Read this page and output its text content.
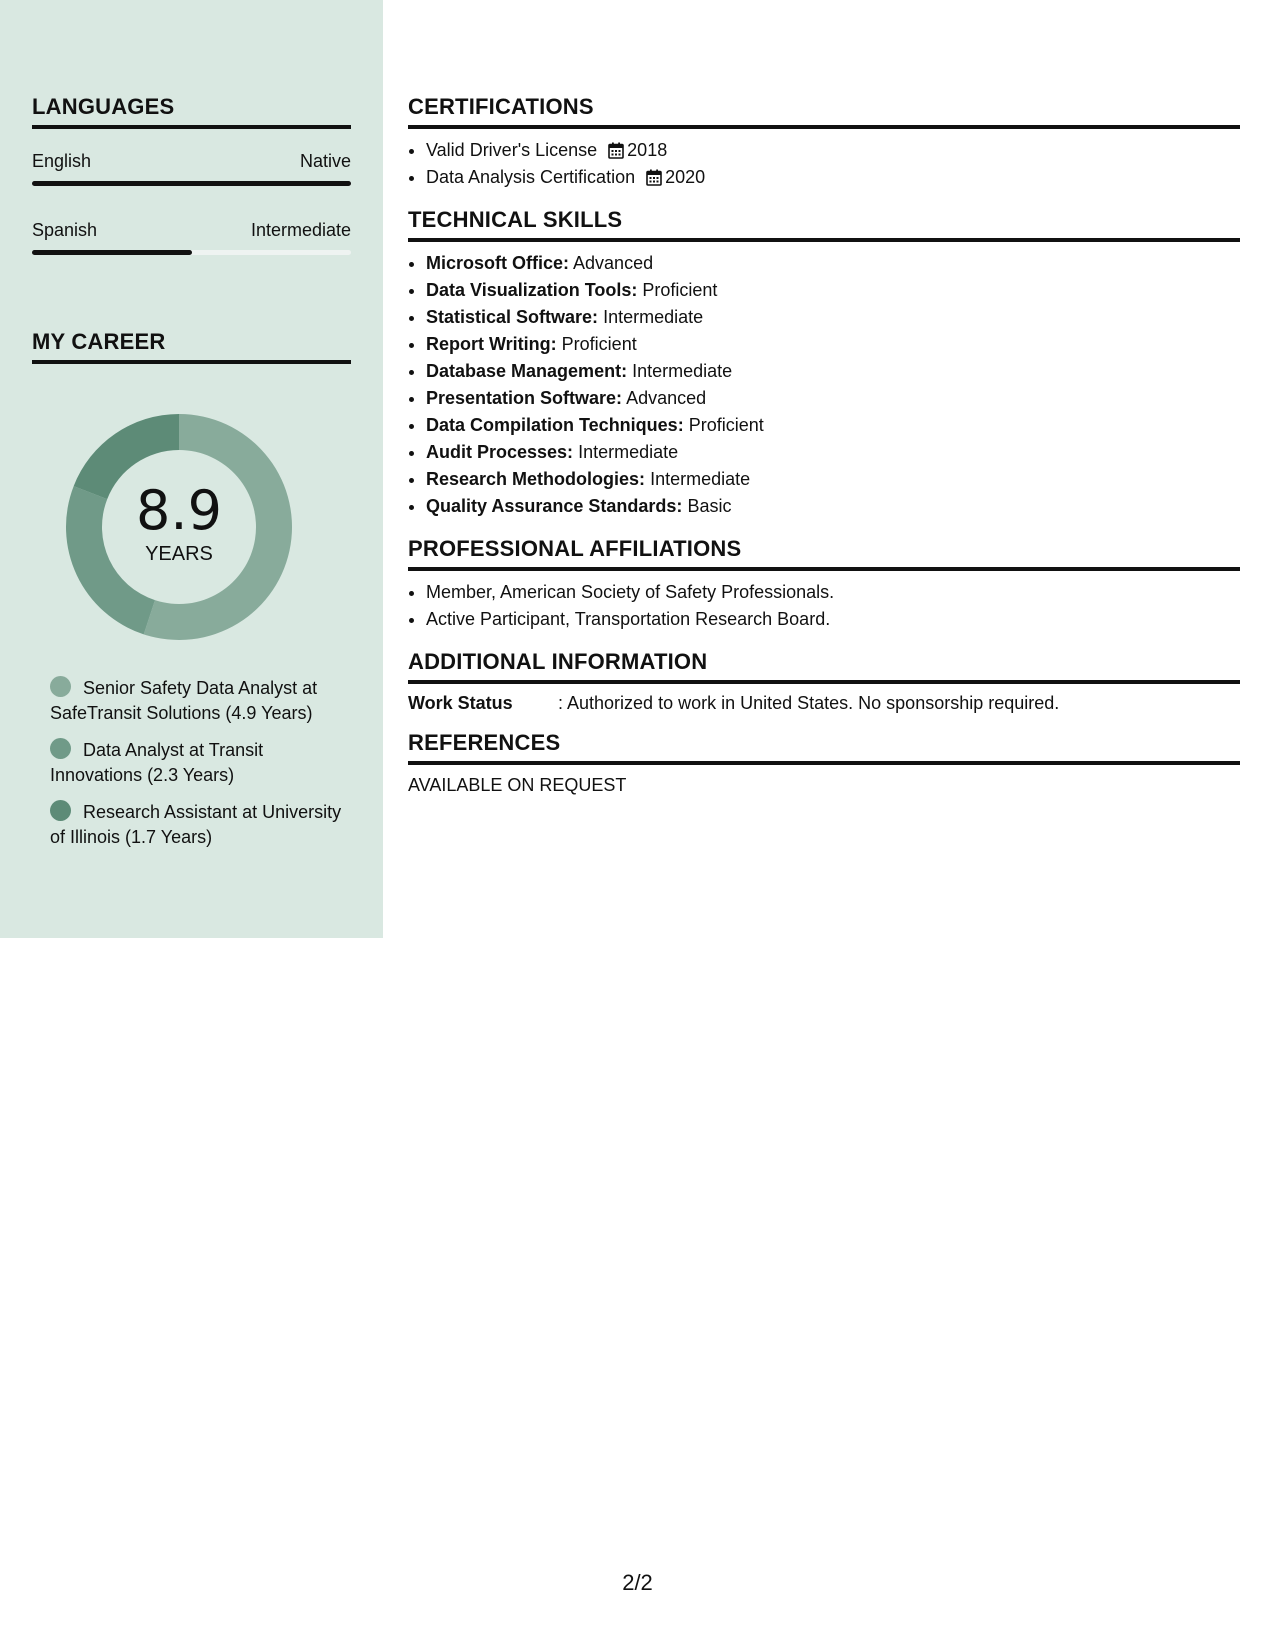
LANGUAGES
English	Native
Spanish	Intermediate
MY CAREER
8.9
YEARS
Senior Safety Data Analyst at SafeTransit Solutions (4.9 Years)
Data Analyst at Transit Innovations (2.3 Years)
Research Assistant at University of Illinois (1.7 Years)
CERTIFICATIONS
• Valid Driver's License 2018
• Data Analysis Certification 2020
TECHNICAL SKILLS
• Microsoft Office: Advanced
• Data Visualization Tools: Proficient
• Statistical Software: Intermediate
• Report Writing: Proficient
• Database Management: Intermediate
• Presentation Software: Advanced
• Data Compilation Techniques: Proficient
• Audit Processes: Intermediate
• Research Methodologies: Intermediate
• Quality Assurance Standards: Basic
PROFESSIONAL AFFILIATIONS
• Member, American Society of Safety Professionals.
• Active Participant, Transportation Research Board.
ADDITIONAL INFORMATION
Work Status	: Authorized to work in United States. No sponsorship required.
REFERENCES
AVAILABLE ON REQUEST
2/2
